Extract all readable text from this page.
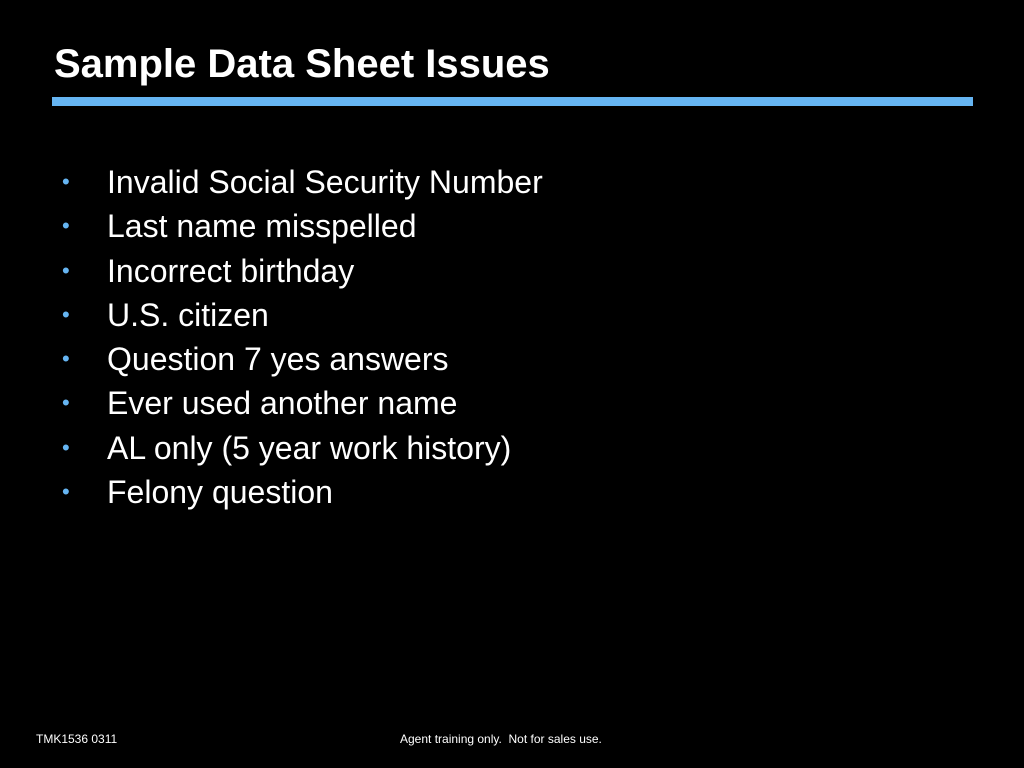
Sample Data Sheet Issues
• Invalid Social Security Number
• Last name misspelled
• Incorrect birthday
• U.S. citizen
• Question 7 yes answers
• Ever used another name
• AL only (5 year work history)
• Felony question
TMK1536 0311	Agent training only.  Not for sales use.
